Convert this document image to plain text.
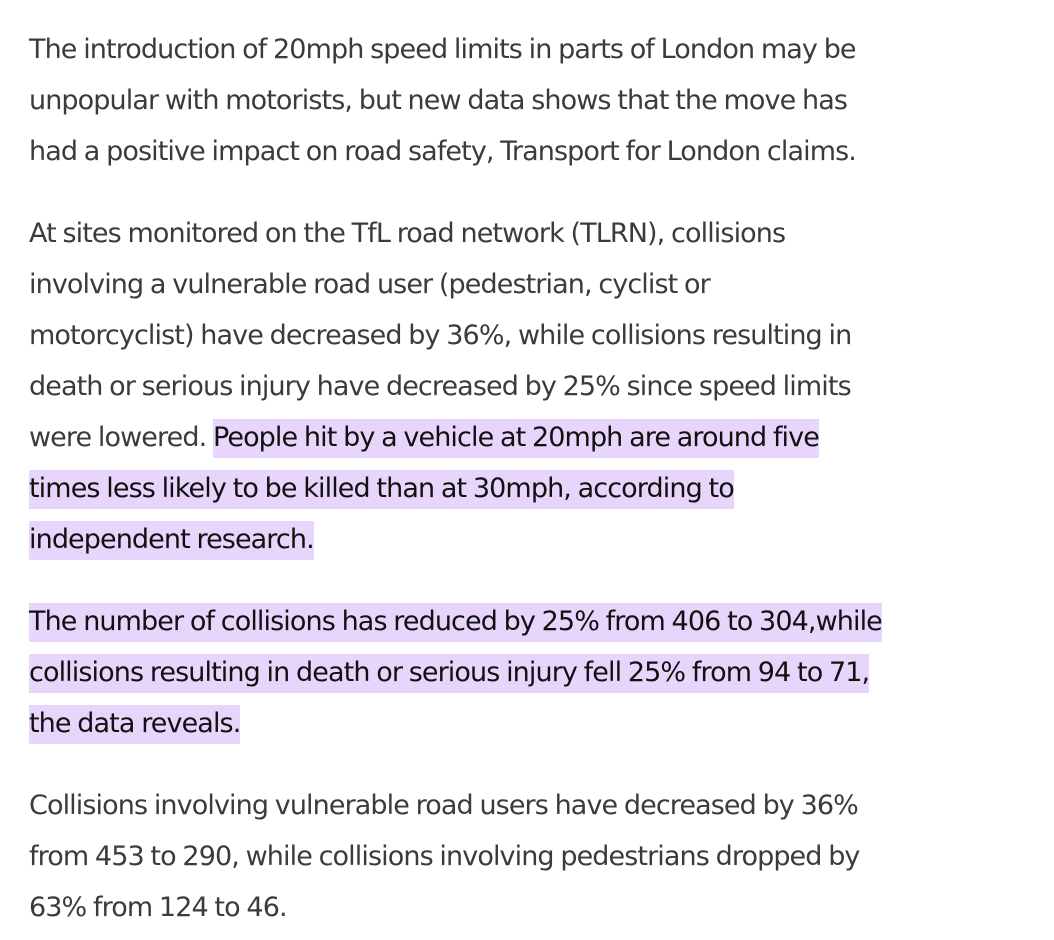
The introduction of 20mph speed limits in parts of London may be
unpopular with motorists, but new data shows that the move has
had a positive impact on road safety, Transport for London claims.

At sites monitored on the TfL road network (TLRN), collisions
involving a vulnerable road user (pedestrian, cyclist or
motorcyclist) have decreased by 36%, while collisions resulting in
death or serious injury have decreased by 25% since speed limits
were lowered. People hit by a vehicle at 20mph are around five
times less likely to be killed than at 30mph, according to
independent research.

The number of collisions has reduced by 25% from 406 to 304,while
collisions resulting in death or serious injury fell 25% from 94 to 71,
the data reveals.

Collisions involving vulnerable road users have decreased by 36%
from 453 to 290, while collisions involving pedestrians dropped by
63% from 124 to 46.
